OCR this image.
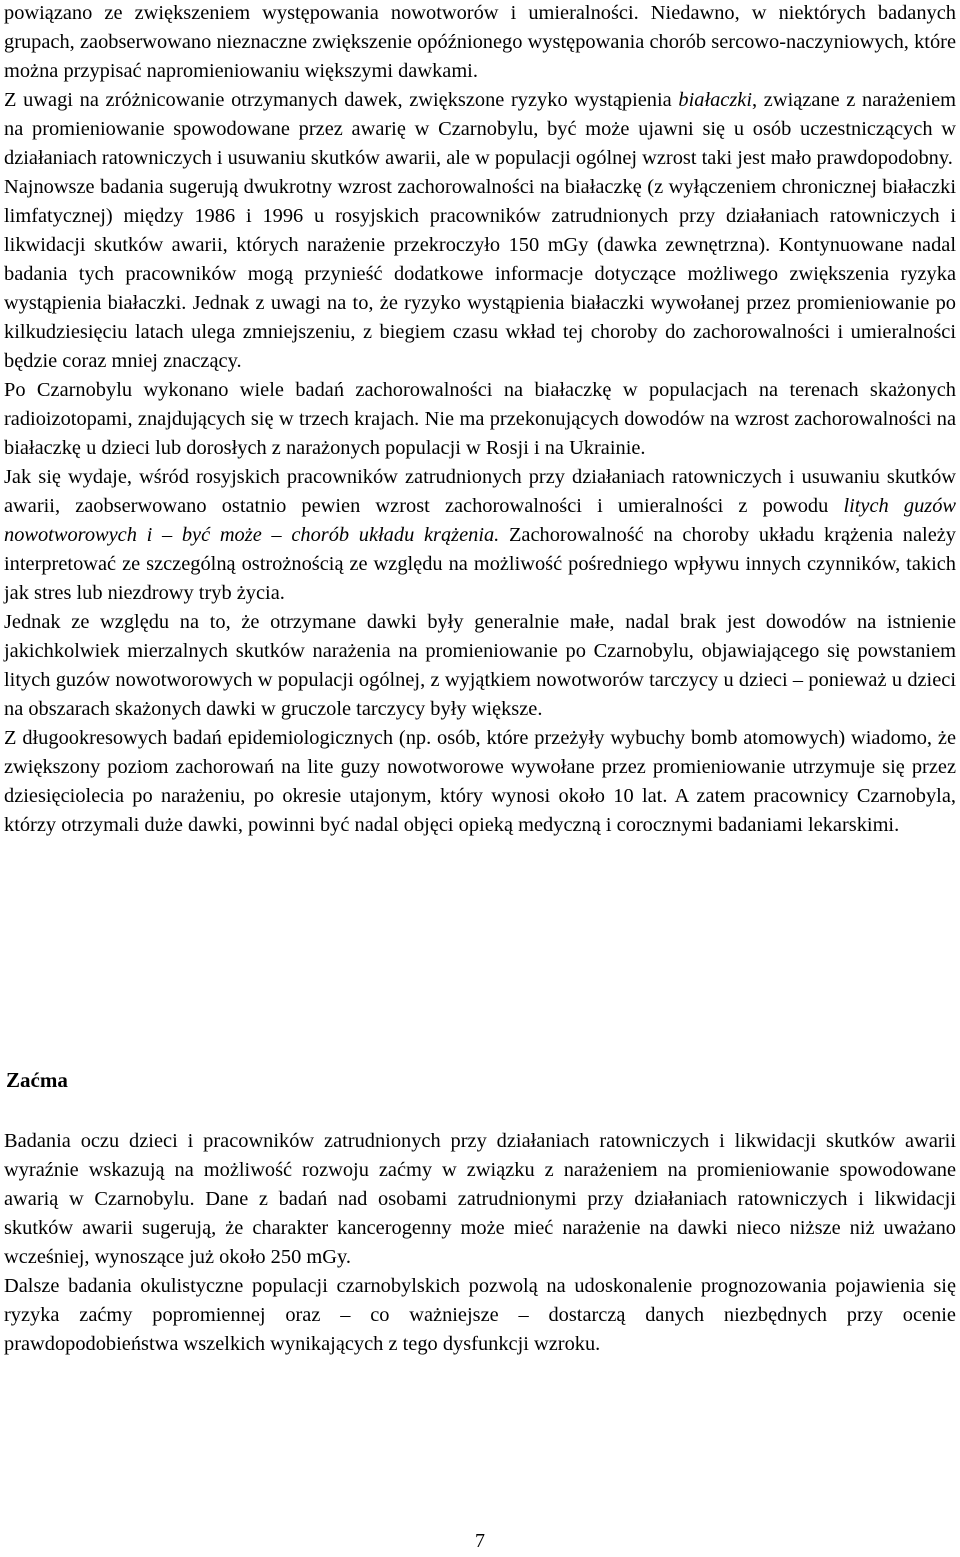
powiązano ze zwiększeniem występowania nowotworów i umieralności. Niedawno, w niektórych badanych grupach, zaobserwowano nieznaczne zwiększenie opóźnionego występowania chorób sercowo-naczyniowych, które można przypisać napromieniowaniu większymi dawkami.

Z uwagi na zróżnicowanie otrzymanych dawek, zwiększone ryzyko wystąpienia białaczki, związane z narażeniem na promieniowanie spowodowane przez awarię w Czarnobylu, być może ujawni się u osób uczestniczących w działaniach ratowniczych i usuwaniu skutków awarii, ale w populacji ogólnej wzrost taki jest mało prawdopodobny.

Najnowsze badania sugerują dwukrotny wzrost zachorowalności na białaczkę (z wyłączeniem chronicznej białaczki limfatycznej) między 1986 i 1996 u rosyjskich pracowników zatrudnionych przy działaniach ratowniczych i likwidacji skutków awarii, których narażenie przekroczyło 150 mGy (dawka zewnętrzna). Kontynuowane nadal badania tych pracowników mogą przynieść dodatkowe informacje dotyczące możliwego zwiększenia ryzyka wystąpienia białaczki. Jednak z uwagi na to, że ryzyko wystąpienia białaczki wywołanej przez promieniowanie po kilkudziesięciu latach ulega zmniejszeniu, z biegiem czasu wkład tej choroby do zachorowalności i umieralności będzie coraz mniej znaczący.

Po Czarnobylu wykonano wiele badań zachorowalności na białaczkę w populacjach na terenach skażonych radioizotopami, znajdujących się w trzech krajach. Nie ma przekonujących dowodów na wzrost zachorowalności na białaczkę u dzieci lub dorosłych z narażonych populacji w Rosji i na Ukrainie.

Jak się wydaje, wśród rosyjskich pracowników zatrudnionych przy działaniach ratowniczych i usuwaniu skutków awarii, zaobserwowano ostatnio pewien wzrost zachorowalności i umieralności z powodu litych guzów nowotworowych i – być może – chorób układu krążenia. Zachorowalność na choroby układu krążenia należy interpretować ze szczególną ostrożnością ze względu na możliwość pośredniego wpływu innych czynników, takich jak stres lub niezdrowy tryb życia.

Jednak ze względu na to, że otrzymane dawki były generalnie małe, nadal brak jest dowodów na istnienie jakichkolwiek mierzalnych skutków narażenia na promieniowanie po Czarnobylu, objawiającego się powstaniem litych guzów nowotworowych w populacji ogólnej, z wyjątkiem nowotworów tarczycy u dzieci – ponieważ u dzieci na obszarach skażonych dawki w gruczole tarczycy były większe.

Z długookresowych badań epidemiologicznych (np. osób, które przeżyły wybuchy bomb atomowych) wiadomo, że zwiększony poziom zachorowań na lite guzy nowotworowe wywołane przez promieniowanie utrzymuje się przez dziesięciolecia po narażeniu, po okresie utajonym, który wynosi około 10 lat. A zatem pracownicy Czarnobyla, którzy otrzymali duże dawki, powinni być nadal objęci opieką medyczną i corocznymi badaniami lekarskimi.

Zaćma

Badania oczu dzieci i pracowników zatrudnionych przy działaniach ratowniczych i likwidacji skutków awarii wyraźnie wskazują na możliwość rozwoju zaćmy w związku z narażeniem na promieniowanie spowodowane awarią w Czarnobylu. Dane z badań nad osobami zatrudnionymi przy działaniach ratowniczych i likwidacji skutków awarii sugerują, że charakter kancerogenny może mieć narażenie na dawki nieco niższe niż uważano wcześniej, wynoszące już około 250 mGy.

Dalsze badania okulistyczne populacji czarnobylskich pozwolą na udoskonalenie prognozowania pojawienia się ryzyka zaćmy popromiennej oraz – co ważniejsze – dostarczą danych niezbędnych przy ocenie prawdopodobieństwa wszelkich wynikających z tego dysfunkcji wzroku.

7
